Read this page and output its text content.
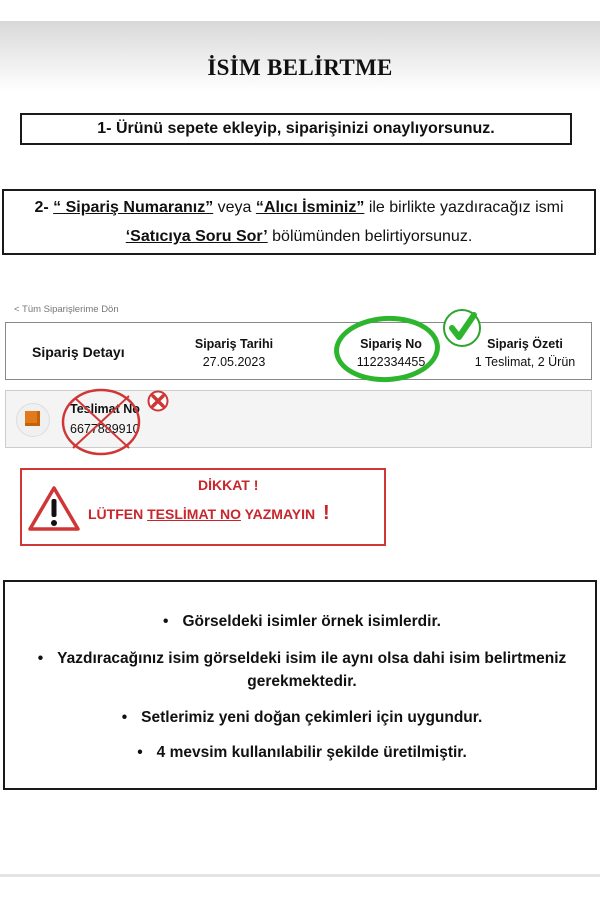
İSİM BELİRTME
1- Ürünü sepete ekleyip, siparişinizi onaylıyorsunuz.
2- “ Sipariş Numaranız” veya “Alıcı İsminiz” ile birlikte yazdıracağız ismi
‘Satıcıya Soru Sor’ bölümünden belirtiyorsunuz.
< Tüm Siparişlerime Dön
Sipariş Detayı	Sipariş Tarihi
27.05.2023
Sipariş No
1122334455
Sipariş Özeti
1 Teslimat, 2 Ürün
Teslimat No
6677889910
DİKKAT !
LÜTFEN TESLİMAT NO YAZMAYIN !
• Görseldeki isimler örnek isimlerdir.
• Yazdıracağınız isim görseldeki isim ile aynı olsa dahi isim belirtmeniz
gerekmektedir.
• Setlerimiz yeni doğan çekimleri için uygundur.
• 4 mevsim kullanılabilir şekilde üretilmiştir.
